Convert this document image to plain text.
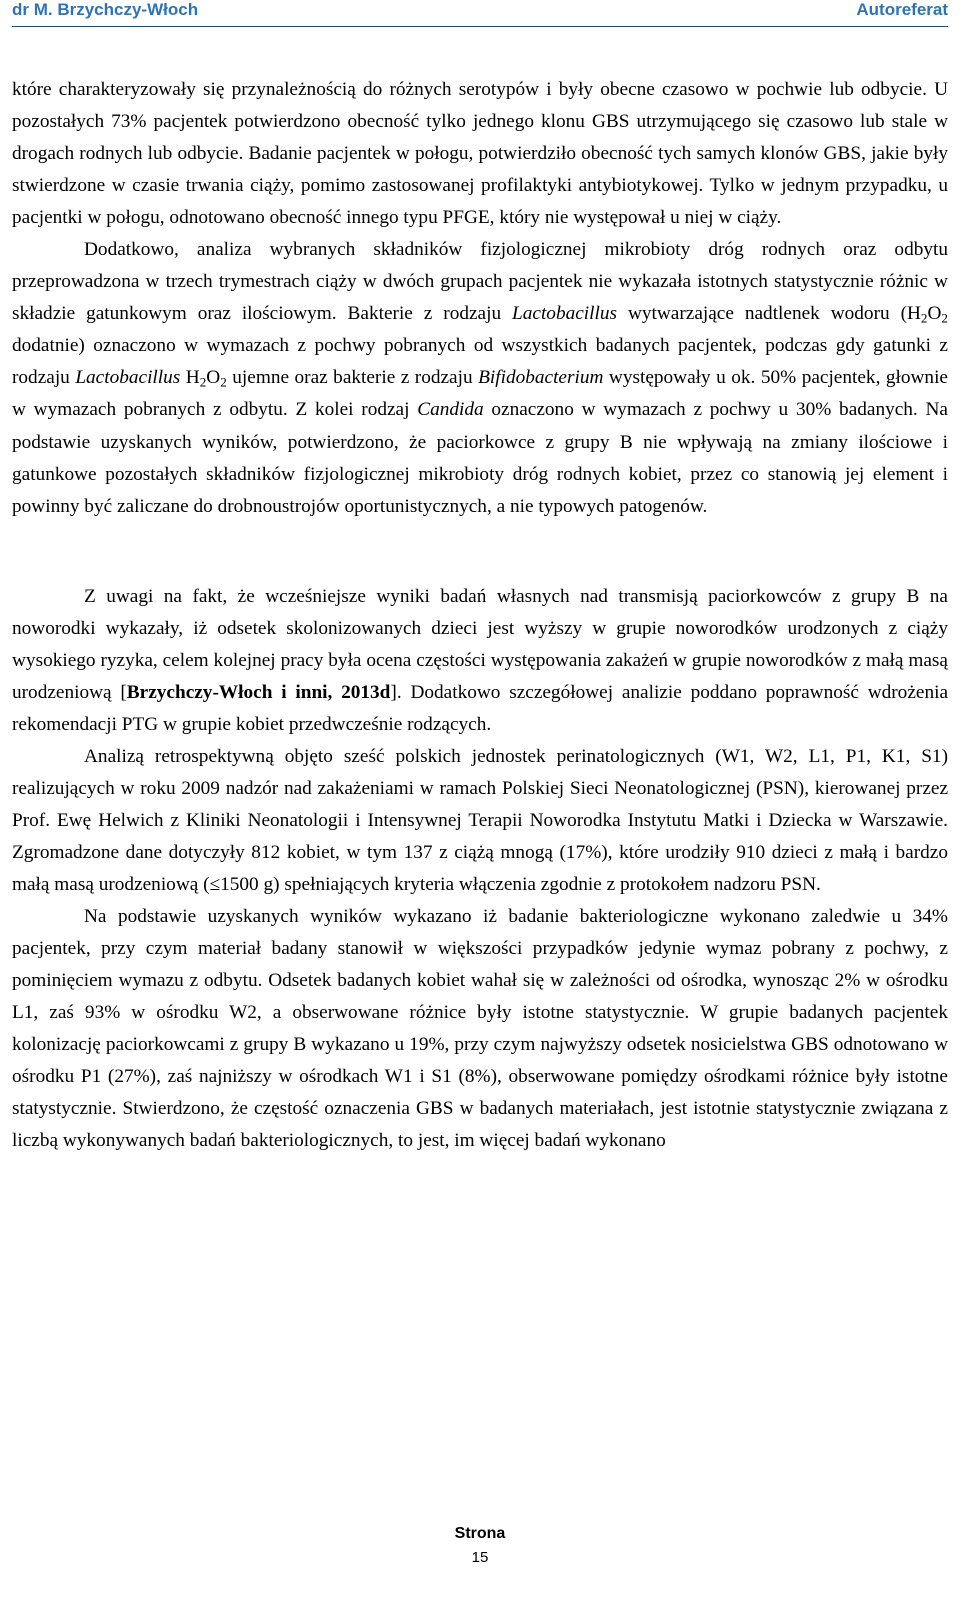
dr M. Brzychczy-Włoch	Autoreferat

które charakteryzowały się przynależnością do różnych serotypów i były obecne czasowo w pochwie lub odbycie. U pozostałych 73% pacjentek potwierdzono obecność tylko jednego klonu GBS utrzymującego się czasowo lub stale w drogach rodnych lub odbycie. Badanie pacjentek w połogu, potwierdziło obecność tych samych klonów GBS, jakie były stwierdzone w czasie trwania ciąży, pomimo zastosowanej profilaktyki antybiotykowej. Tylko w jednym przypadku, u pacjentki w połogu, odnotowano obecność innego typu PFGE, który nie występował u niej w ciąży.

Dodatkowo, analiza wybranych składników fizjologicznej mikrobioty dróg rodnych oraz odbytu przeprowadzona w trzech trymestrach ciąży w dwóch grupach pacjentek nie wykazała istotnych statystycznie różnic w składzie gatunkowym oraz ilościowym. Bakterie z rodzaju Lactobacillus wytwarzające nadtlenek wodoru ($H_2O_2$ dodatnie) oznaczono w wymazach z pochwy pobranych od wszystkich badanych pacjentek, podczas gdy gatunki z rodzaju Lactobacillus $H_2O_2$ ujemne oraz bakterie z rodzaju Bifidobacterium występowały u ok. 50% pacjentek, głownie w wymazach pobranych z odbytu. Z kolei rodzaj Candida oznaczono w wymazach z pochwy u 30% badanych. Na podstawie uzyskanych wyników, potwierdzono, że paciorkowce z grupy B nie wpływają na zmiany ilościowe i gatunkowe pozostałych składników fizjologicznej mikrobioty dróg rodnych kobiet, przez co stanowią jej element i powinny być zaliczane do drobnoustrojów oportunistycznych, a nie typowych patogenów.

Z uwagi na fakt, że wcześniejsze wyniki badań własnych nad transmisją paciorkowców z grupy B na noworodki wykazały, iż odsetek skolonizowanych dzieci jest wyższy w grupie noworodków urodzonych z ciąży wysokiego ryzyka, celem kolejnej pracy była ocena częstości występowania zakażeń w grupie noworodków z małą masą urodzeniową [Brzychczy-Włoch i inni, 2013d]. Dodatkowo szczegółowej analizie poddano poprawność wdrożenia rekomendacji PTG w grupie kobiet przedwcześnie rodzących.

Analizą retrospektywną objęto sześć polskich jednostek perinatologicznych (W1, W2, L1, P1, K1, S1) realizujących w roku 2009 nadzór nad zakażeniami w ramach Polskiej Sieci Neonatologicznej (PSN), kierowanej przez Prof. Ewę Helwich z Kliniki Neonatologii i Intensywnej Terapii Noworodka Instytutu Matki i Dziecka w Warszawie. Zgromadzone dane dotyczyły 812 kobiet, w tym 137 z ciążą mnogą (17%), które urodziły 910 dzieci z małą i bardzo małą masą urodzeniową (≤1500 g) spełniających kryteria włączenia zgodnie z protokołem nadzoru PSN.

Na podstawie uzyskanych wyników wykazano iż badanie bakteriologiczne wykonano zaledwie u 34% pacjentek, przy czym materiał badany stanowił w większości przypadków jedynie wymaz pobrany z pochwy, z pominięciem wymazu z odbytu. Odsetek badanych kobiet wahał się w zależności od ośrodka, wynosząc 2% w ośrodku L1, zaś 93% w ośrodku W2, a obserwowane różnice były istotne statystycznie. W grupie badanych pacjentek kolonizację paciorkowcami z grupy B wykazano u 19%, przy czym najwyższy odsetek nosicielstwa GBS odnotowano w ośrodku P1 (27%), zaś najniższy w ośrodkach W1 i S1 (8%), obserwowane pomiędzy ośrodkami różnice były istotne statystycznie. Stwierdzono, że częstość oznaczenia GBS w badanych materiałach, jest istotnie statystycznie związana z liczbą wykonywanych badań bakteriologicznych, to jest, im więcej badań wykonano

Strona
15
